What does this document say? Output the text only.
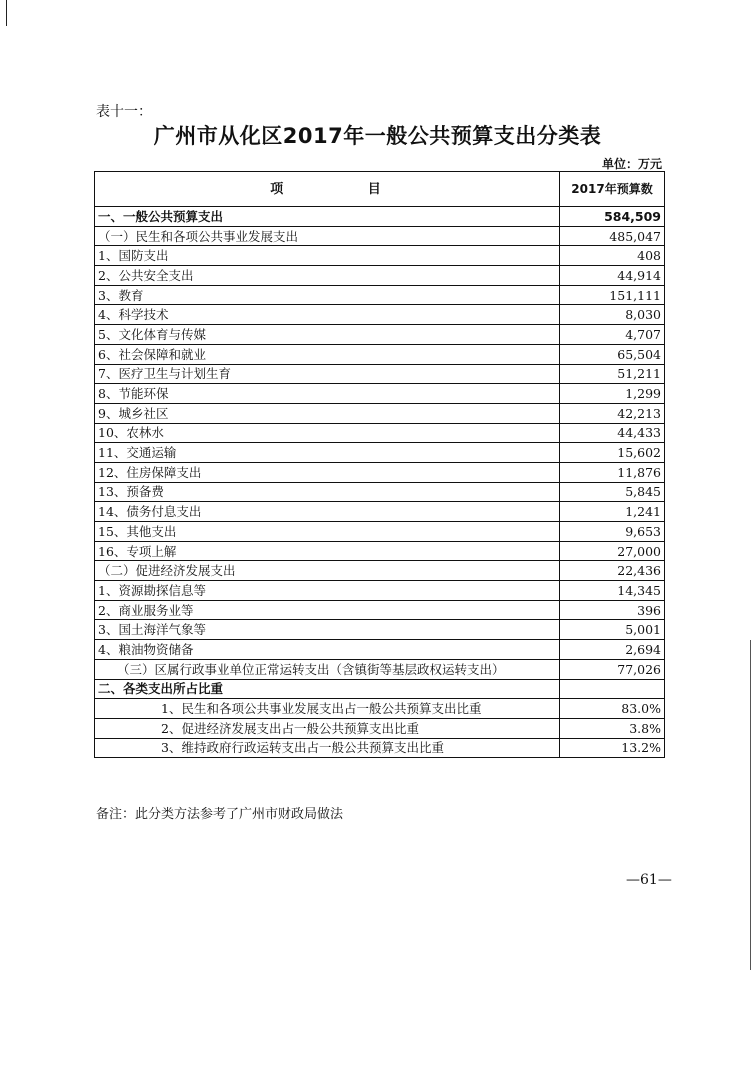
表十一：
广州市从化区2017年一般公共预算支出分类表
单位：万元
项 目	2017年预算数
一、一般公共预算支出	584,509
（一）民生和各项公共事业发展支出	485,047
1、国防支出	408
2、公共安全支出	44,914
3、教育	151,111
4、科学技术	8,030
5、文化体育与传媒	4,707
6、社会保障和就业	65,504
7、医疗卫生与计划生育	51,211
8、节能环保	1,299
9、城乡社区	42,213
10、农林水	44,433
11、交通运输	15,602
12、住房保障支出	11,876
13、预备费	5,845
14、债务付息支出	1,241
15、其他支出	9,653
16、专项上解	27,000
（二）促进经济发展支出	22,436
1、资源勘探信息等	14,345
2、商业服务业等	396
3、国土海洋气象等	5,001
4、粮油物资储备	2,694
（三）区属行政事业单位正常运转支出（含镇街等基层政权运转支出）	77,026
二、各类支出所占比重	
1、民生和各项公共事业发展支出占一般公共预算支出比重	83.0%
2、促进经济发展支出占一般公共预算支出比重	3.8%
3、维持政府行政运转支出占一般公共预算支出比重	13.2%
备注：此分类方法参考了广州市财政局做法
—61—
